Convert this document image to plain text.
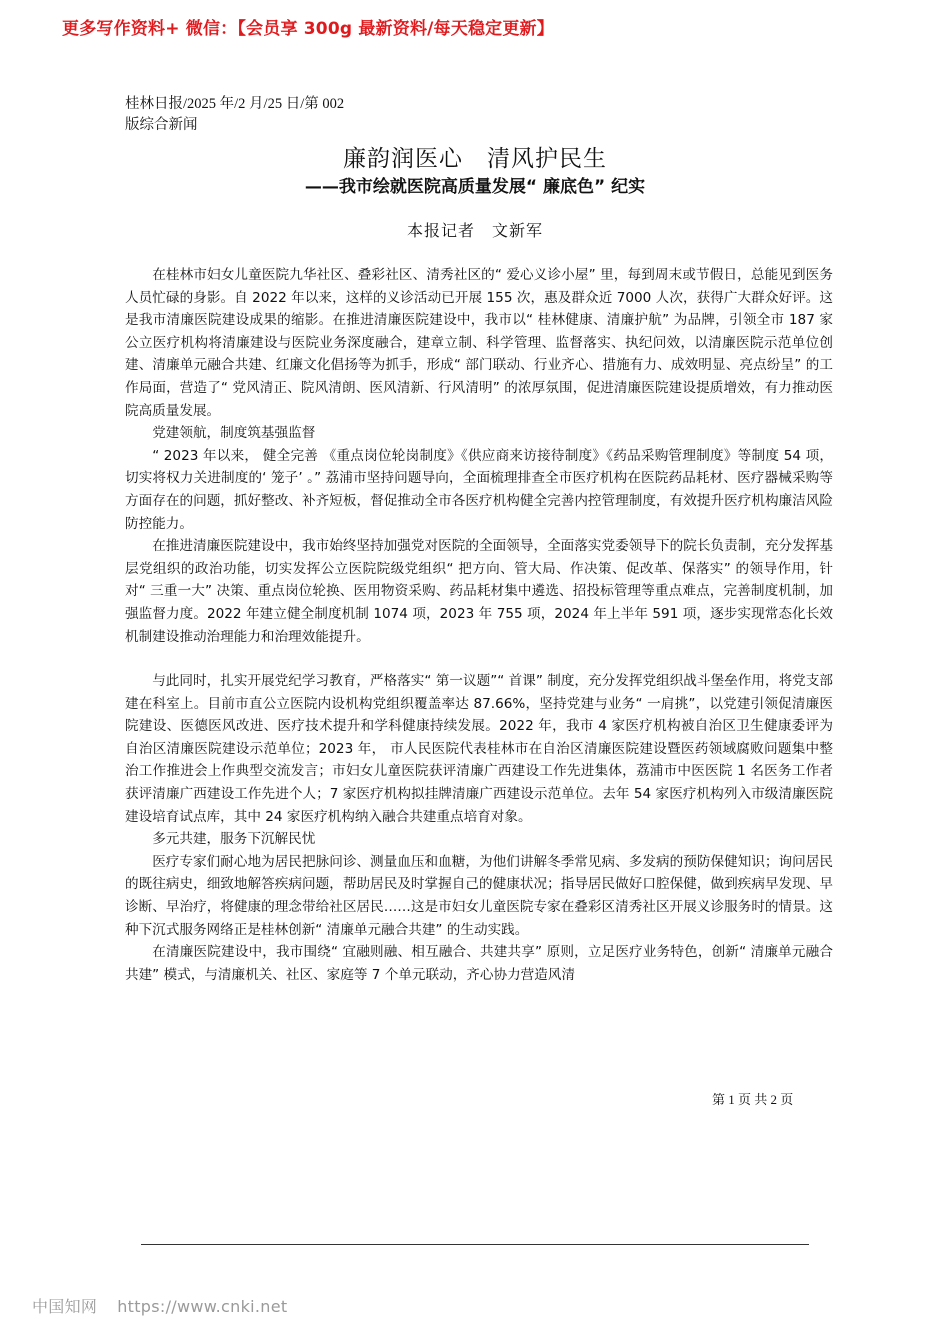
更多写作资料+ 微信：【会员享 300g 最新资料/每天稳定更新】
桂林日报/2025 年/2 月/25 日/第 002
版综合新闻
廉韵润医心　清风护民生
——我市绘就医院高质量发展“ 廉底色” 纪实
本报记者　文新军

在桂林市妇女儿童医院九华社区、叠彩社区、清秀社区的“ 爱心义诊小屋” 里，每到周末或节假日，总能见到医务人员忙碌的身影。自 2022 年以来，这样的义诊活动已开展 155 次，惠及群众近 7000 人次，获得广大群众好评。这是我市清廉医院建设成果的缩影。在推进清廉医院建设中，我市以“ 桂林健康、清廉护航” 为品牌，引领全市 187 家公立医疗机构将清廉建设与医院业务深度融合，建章立制、科学管理、监督落实、执纪问效，以清廉医院示范单位创建、清廉单元融合共建、红廉文化倡扬等为抓手，形成“ 部门联动、行业齐心、措施有力、成效明显、亮点纷呈” 的工作局面，营造了“ 党风清正、院风清朗、医风清新、行风清明” 的浓厚氛围，促进清廉医院建设提质增效，有力推动医院高质量发展。

党建领航，制度筑基强监督

“ 2023 年以来， 健全完善 《重点岗位轮岗制度》《供应商来访接待制度》《药品采购管理制度》等制度 54 项，切实将权力关进制度的‘ 笼子’ 。” 荔浦市坚持问题导向，全面梳理排查全市医疗机构在医院药品耗材、医疗器械采购等方面存在的问题，抓好整改、补齐短板，督促推动全市各医疗机构健全完善内控管理制度，有效提升医疗机构廉洁风险防控能力。

在推进清廉医院建设中，我市始终坚持加强党对医院的全面领导，全面落实党委领导下的院长负责制，充分发挥基层党组织的政治功能，切实发挥公立医院院级党组织“ 把方向、管大局、作决策、促改革、保落实” 的领导作用，针对“ 三重一大” 决策、重点岗位轮换、医用物资采购、药品耗材集中遴选、招投标管理等重点难点，完善制度机制，加强监督力度。2022 年建立健全制度机制 1074 项，2023 年 755 项，2024 年上半年 591 项，逐步实现常态化长效机制建设推动治理能力和治理效能提升。

与此同时，扎实开展党纪学习教育，严格落实“ 第一议题”“ 首课” 制度，充分发挥党组织战斗堡垒作用，将党支部建在科室上。目前市直公立医院内设机构党组织覆盖率达 87.66%，坚持党建与业务“ 一肩挑”，以党建引领促清廉医院建设、医德医风改进、医疗技术提升和学科健康持续发展。2022 年，我市 4 家医疗机构被自治区卫生健康委评为自治区清廉医院建设示范单位；2023 年， 市人民医院代表桂林市在自治区清廉医院建设暨医药领域腐败问题集中整治工作推进会上作典型交流发言；市妇女儿童医院获评清廉广西建设工作先进集体，荔浦市中医医院 1 名医务工作者获评清廉广西建设工作先进个人；7 家医疗机构拟挂牌清廉广西建设示范单位。去年 54 家医疗机构列入市级清廉医院建设培育试点库，其中 24 家医疗机构纳入融合共建重点培育对象。

多元共建，服务下沉解民忧

医疗专家们耐心地为居民把脉问诊、测量血压和血糖，为他们讲解冬季常见病、多发病的预防保健知识；询问居民的既往病史，细致地解答疾病问题，帮助居民及时掌握自己的健康状况；指导居民做好口腔保健，做到疾病早发现、早诊断、早治疗，将健康的理念带给社区居民……这是市妇女儿童医院专家在叠彩区清秀社区开展义诊服务时的情景。这种下沉式服务网络正是桂林创新“ 清廉单元融合共建” 的生动实践。

在清廉医院建设中，我市围绕“ 宜融则融、相互融合、共建共享” 原则，立足医疗业务特色，创新“ 清廉单元融合共建” 模式，与清廉机关、社区、家庭等 7 个单元联动，齐心协力营造风清

第 1 页 共 2 页
中国知网 https://www.cnki.net
